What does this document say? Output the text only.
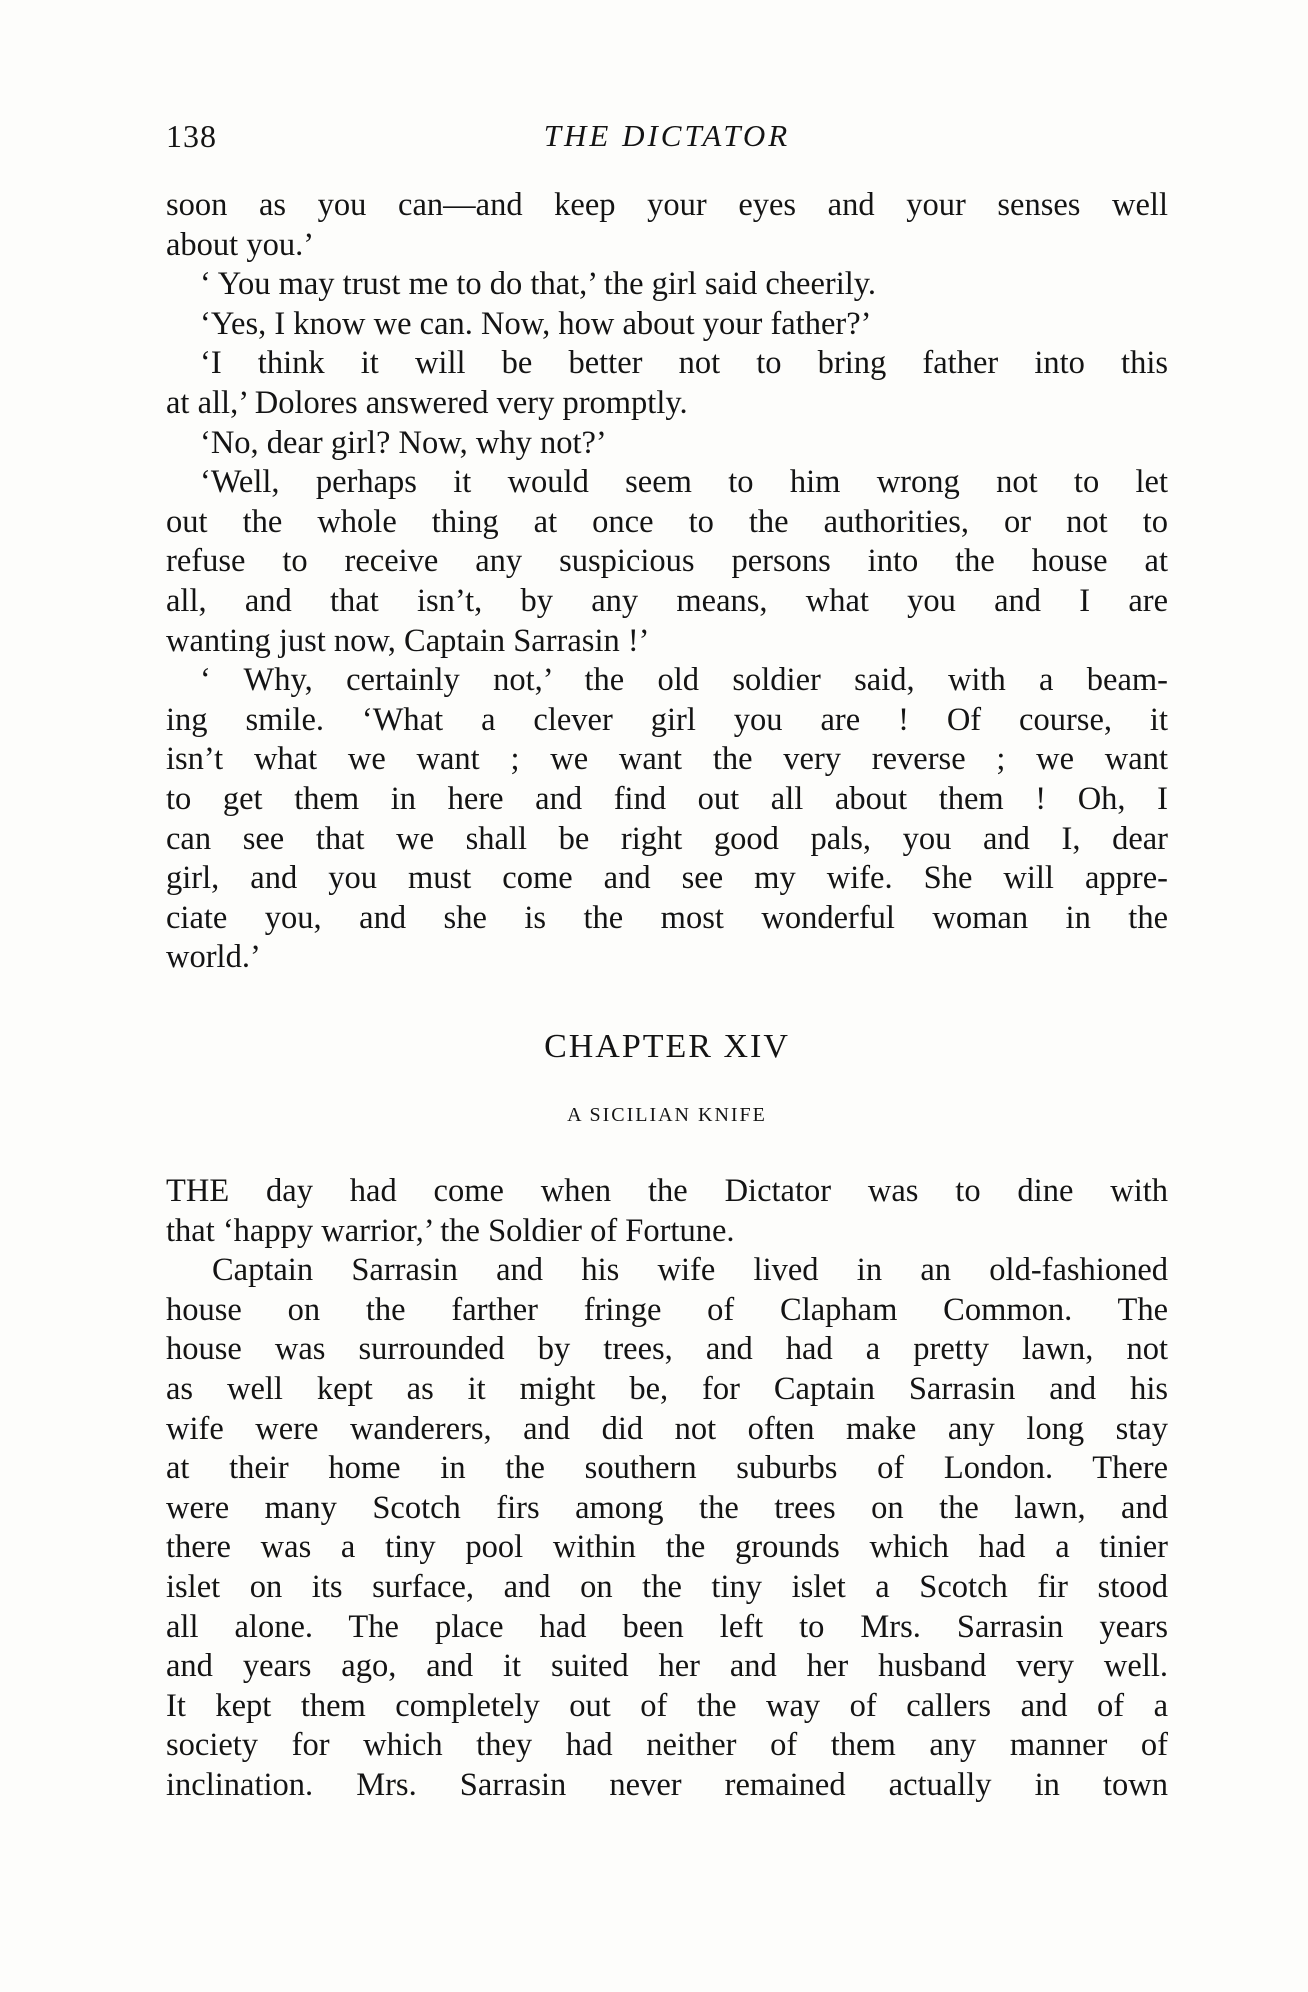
138	THE DICTATOR
soon as you can—and keep your eyes and your senses well
about you.’
‘ You may trust me to do that,’ the girl said cheerily.
‘Yes, I know we can. Now, how about your father?’
‘I think it will be better not to bring father into this
at all,’ Dolores answered very promptly.
‘No, dear girl? Now, why not?’
‘Well, perhaps it would seem to him wrong not to let
out the whole thing at once to the authorities, or not to
refuse to receive any suspicious persons into the house at
all, and that isn’t, by any means, what you and I are
wanting just now, Captain Sarrasin !’
‘ Why, certainly not,’ the old soldier said, with a beam-
ing smile. ‘What a clever girl you are ! Of course, it
isn’t what we want ; we want the very reverse ; we want
to get them in here and find out all about them ! Oh, I
can see that we shall be right good pals, you and I, dear
girl, and you must come and see my wife. She will appre-
ciate you, and she is the most wonderful woman in the
world.’
CHAPTER XIV
A SICILIAN KNIFE
THE day had come when the Dictator was to dine with
that ‘happy warrior,’ the Soldier of Fortune.
Captain Sarrasin and his wife lived in an old-fashioned
house on the farther fringe of Clapham Common. The
house was surrounded by trees, and had a pretty lawn, not
as well kept as it might be, for Captain Sarrasin and his
wife were wanderers, and did not often make any long stay
at their home in the southern suburbs of London. There
were many Scotch firs among the trees on the lawn, and
there was a tiny pool within the grounds which had a tinier
islet on its surface, and on the tiny islet a Scotch fir stood
all alone. The place had been left to Mrs. Sarrasin years
and years ago, and it suited her and her husband very well.
It kept them completely out of the way of callers and of a
society for which they had neither of them any manner of
inclination. Mrs. Sarrasin never remained actually in town
